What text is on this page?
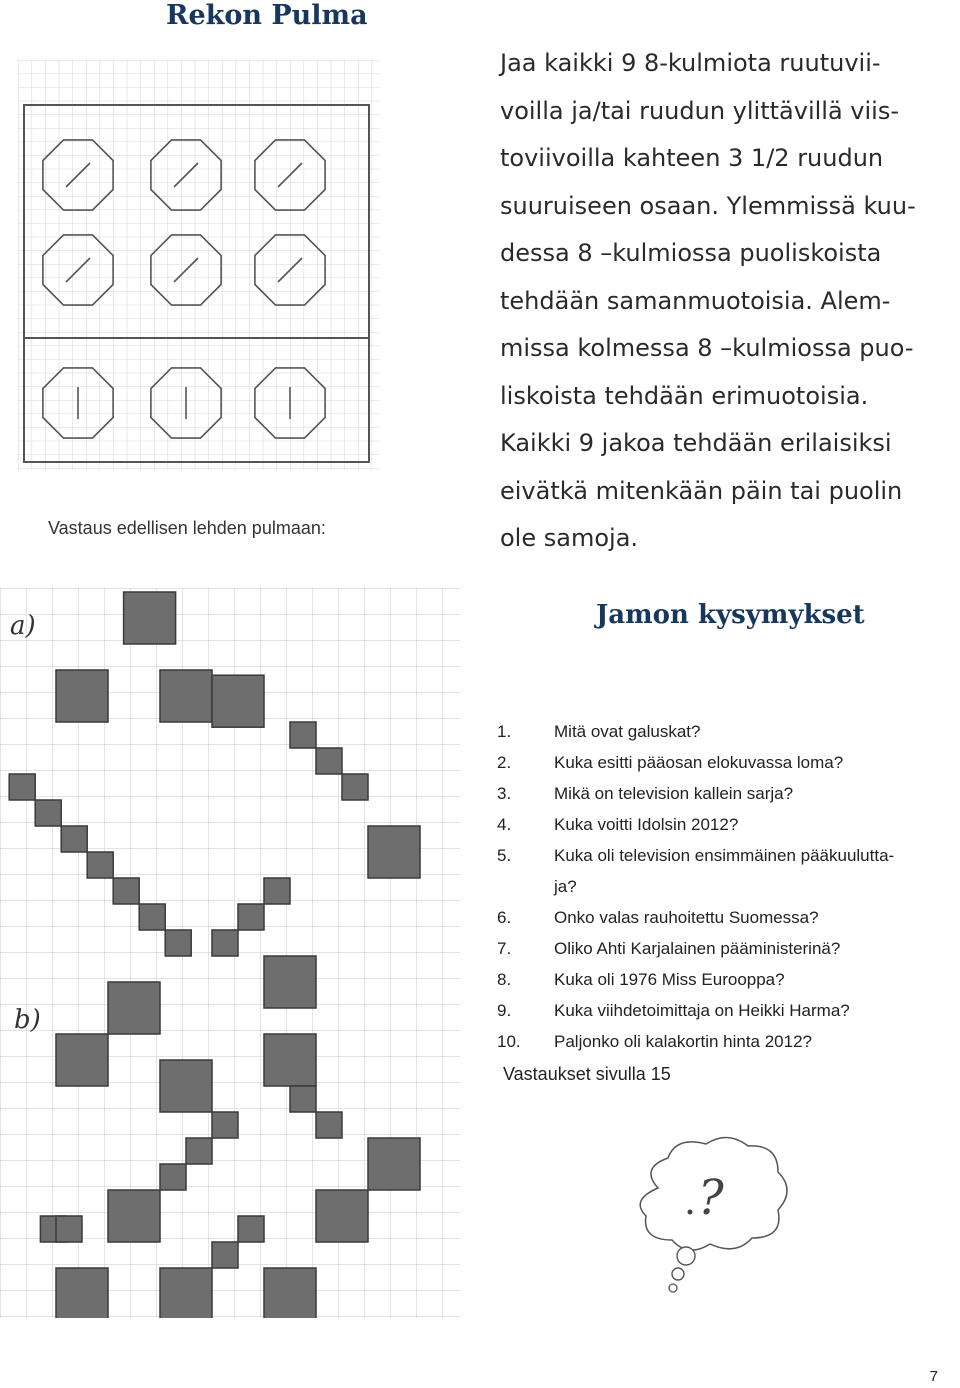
Rekon Pulma
Jaa kaikki 9 8-kulmiota ruutuvii-
voilla ja/tai ruudun ylittävillä viis-
toviivoilla kahteen 3 1/2 ruudun
suuruiseen osaan. Ylemmissä kuu-
dessa 8 –kulmiossa puoliskoista
tehdään samanmuotoisia. Alem-
missa kolmessa 8 –kulmiossa puo-
liskoista tehdään erimuotoisia.
Kaikki 9 jakoa tehdään erilaisiksi
eivätkä mitenkään päin tai puolin
ole samoja.
Vastaus edellisen lehden pulmaan:
a)
b)
Jamon kysymykset
1.	Mitä ovat galuskat?
2.	Kuka esitti pääosan elokuvassa loma?
3.	Mikä on television kallein sarja?
4.	Kuka voitti Idolsin 2012?
5.	Kuka oli television ensimmäinen pääkuulutta-
ja?
6.	Onko valas rauhoitettu Suomessa?
7.	Oliko Ahti Karjalainen pääministerinä?
8.	Kuka oli 1976 Miss Eurooppa?
9.	Kuka viihdetoimittaja on Heikki Harma?
10.	Paljonko oli kalakortin hinta 2012?
Vastaukset sivulla 15
?
7
